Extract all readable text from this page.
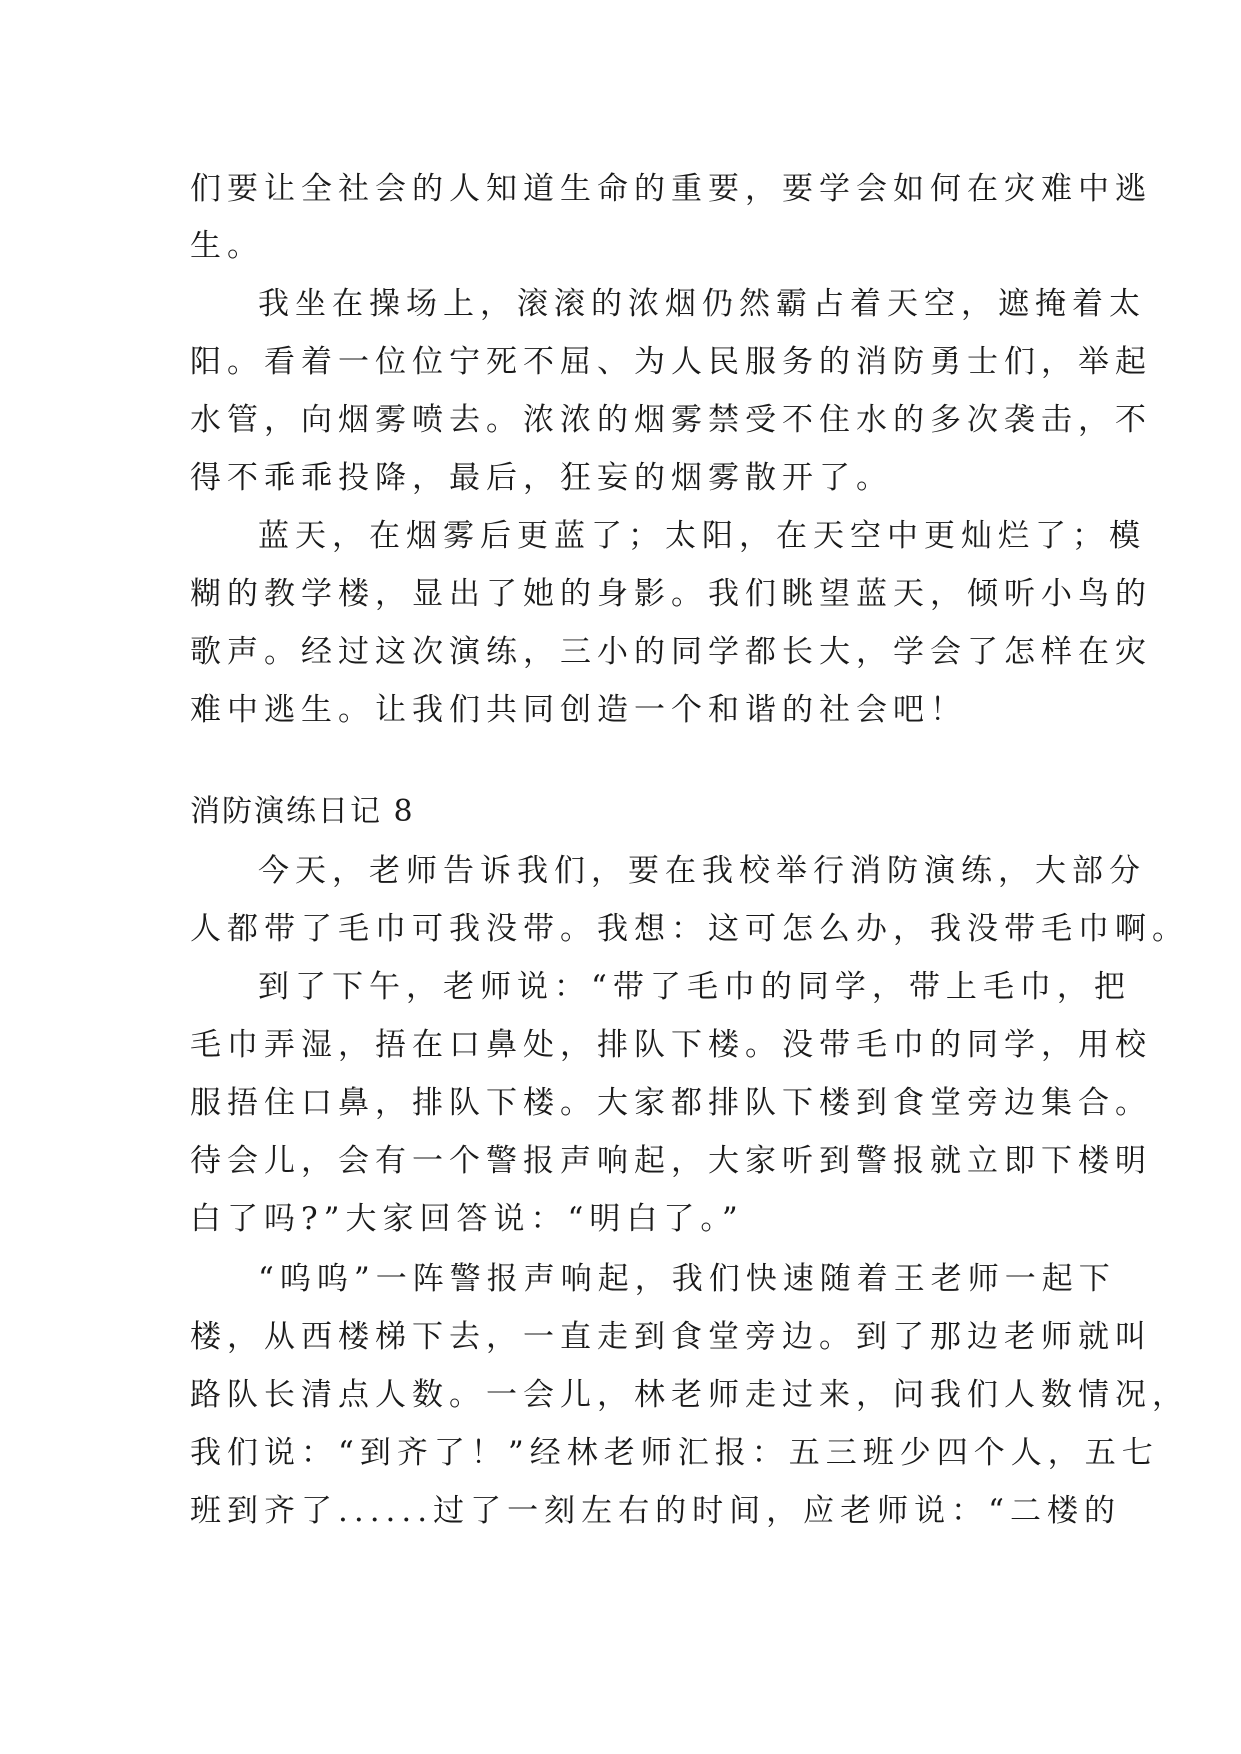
们要让全社会的人知道生命的重要，要学会如何在灾难中逃
生。
我坐在操场上，滚滚的浓烟仍然霸占着天空，遮掩着太
阳。看着一位位宁死不屈、为人民服务的消防勇士们，举起
水管，向烟雾喷去。浓浓的烟雾禁受不住水的多次袭击，不
得不乖乖投降，最后，狂妄的烟雾散开了。
蓝天，在烟雾后更蓝了；太阳，在天空中更灿烂了；模
糊的教学楼，显出了她的身影。我们眺望蓝天，倾听小鸟的
歌声。经过这次演练，三小的同学都长大，学会了怎样在灾
难中逃生。让我们共同创造一个和谐的社会吧！
消防演练日记 8
今天，老师告诉我们，要在我校举行消防演练，大部分
人都带了毛巾可我没带。我想：这可怎么办，我没带毛巾啊。
到了下午，老师说：“带了毛巾的同学，带上毛巾，把
毛巾弄湿，捂在口鼻处，排队下楼。没带毛巾的同学，用校
服捂住口鼻，排队下楼。大家都排队下楼到食堂旁边集合。
待会儿，会有一个警报声响起，大家听到警报就立即下楼明
白了吗?”大家回答说：“明白了。”
“呜呜”一阵警报声响起，我们快速随着王老师一起下
楼，从西楼梯下去，一直走到食堂旁边。到了那边老师就叫
路队长清点人数。一会儿，林老师走过来，问我们人数情况，
我们说：“到齐了！”经林老师汇报：五三班少四个人，五七
班到齐了......过了一刻左右的时间，应老师说：“二楼的
